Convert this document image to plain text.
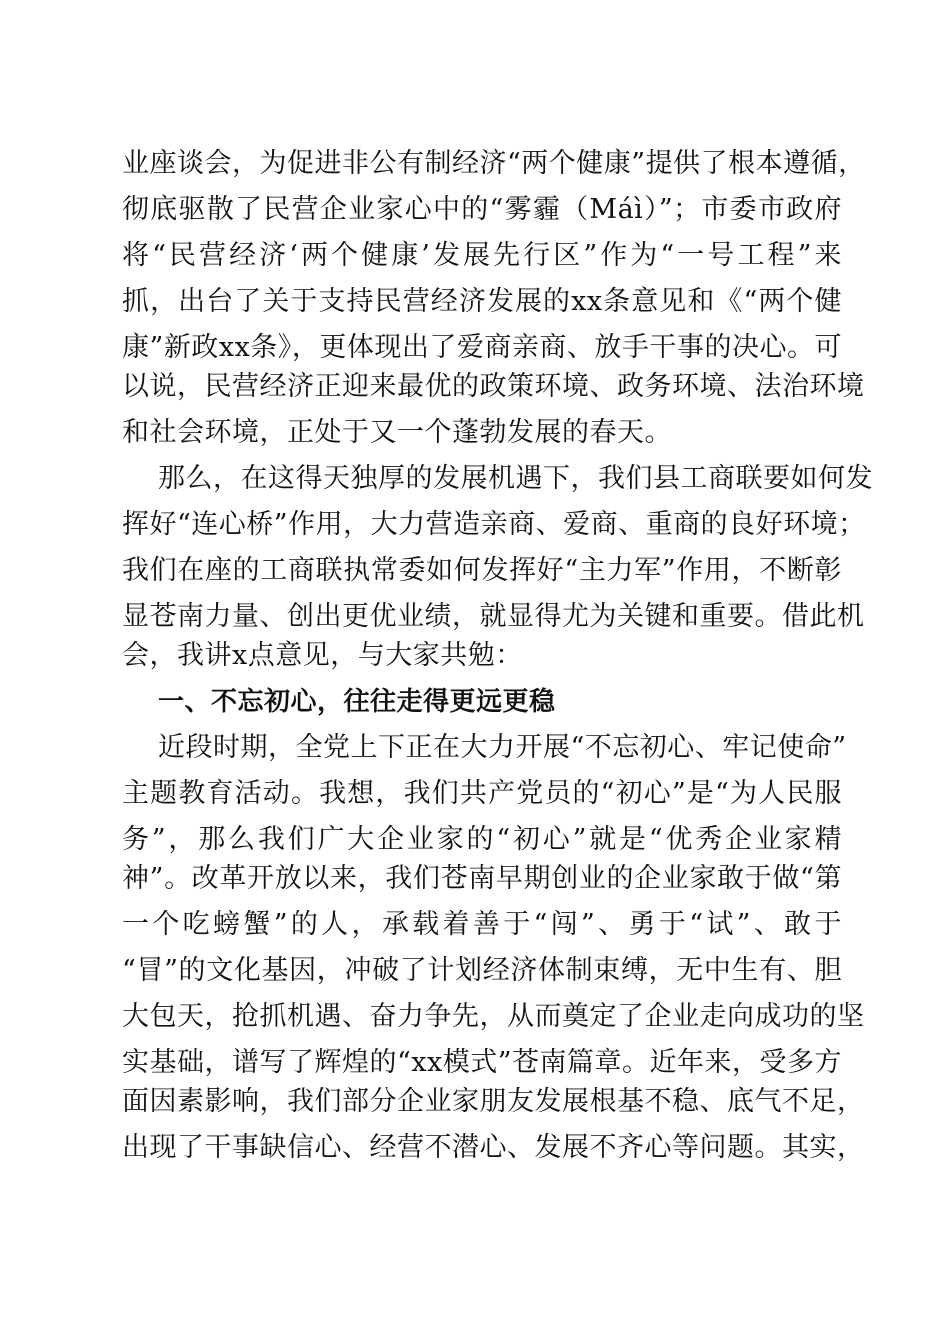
业座谈会，为促进非公有制经济“两个健康”提供了根本遵循，
彻底驱散了民营企业家心中的“雾霾（Máì）”；市委市政府
将“民营经济‘两个健康’发展先行区”作为“一号工程”来
抓，出台了关于支持民营经济发展的xx条意见和《“两个健
康”新政xx条》，更体现出了爱商亲商、放手干事的决心。可
以说，民营经济正迎来最优的政策环境、政务环境、法治环境
和社会环境，正处于又一个蓬勃发展的春天。
那么，在这得天独厚的发展机遇下，我们县工商联要如何发
挥好“连心桥”作用，大力营造亲商、爱商、重商的良好环境；
我们在座的工商联执常委如何发挥好“主力军”作用，不断彰
显苍南力量、创出更优业绩，就显得尤为关键和重要。借此机
会，我讲x点意见，与大家共勉：
一、不忘初心，往往走得更远更稳
近段时期，全党上下正在大力开展“不忘初心、牢记使命”
主题教育活动。我想，我们共产党员的“初心”是“为人民服
务”，那么我们广大企业家的“初心”就是“优秀企业家精
神”。改革开放以来，我们苍南早期创业的企业家敢于做“第
一个吃螃蟹”的人，承载着善于“闯”、勇于“试”、敢于
“冒”的文化基因，冲破了计划经济体制束缚，无中生有、胆
大包天，抢抓机遇、奋力争先，从而奠定了企业走向成功的坚
实基础，谱写了辉煌的“xx模式”苍南篇章。近年来，受多方
面因素影响，我们部分企业家朋友发展根基不稳、底气不足，
出现了干事缺信心、经营不潜心、发展不齐心等问题。其实，
